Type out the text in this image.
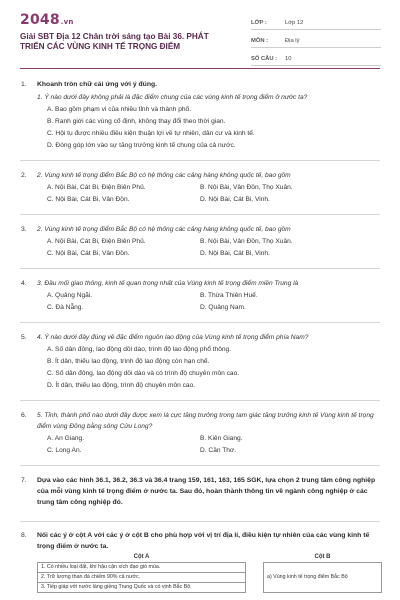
2048.vn
Giải SBT Địa 12 Chân trời sáng tạo Bài 36. PHÁT TRIỂN CÁC VÙNG KINH TẾ TRỌNG ĐIỂM
LỚP :	Lớp 12
MÔN :	Địa lý
SỐ CÂU :	10
1. Khoanh tròn chữ cái ứng với ý đúng.
1. Ý nào dưới đây không phải là đặc điểm chung của các vùng kinh tế trọng điểm ở nước ta?
A. Bao gồm phạm vi của nhiều tỉnh và thành phố.
B. Ranh giới các vùng cố định, không thay đổi theo thời gian.
C. Hội tụ được nhiều điều kiện thuận lợi về tự nhiên, dân cư và kinh tế.
D. Đóng góp lớn vào sự tăng trưởng kinh tế chung của cả nước.
2. 2. Vùng kinh tế trọng điểm Bắc Bộ có hệ thống các cảng hàng không quốc tế, bao gồm
A. Nội Bài, Cát Bi, Điện Biên Phủ.	B. Nội Bài, Vân Đồn, Thọ Xuân.
C. Nội Bài, Cát Bi, Vân Đồn.	D. Nội Bài, Cát Bi, Vinh.
3. 2. Vùng kinh tế trọng điểm Bắc Bộ có hệ thống các cảng hàng không quốc tế, bao gồm
A. Nội Bài, Cát Bi, Điện Biên Phủ.	B. Nội Bài, Vân Đồn, Thọ Xuân.
C. Nội Bài, Cát Bi, Vân Đồn.	D. Nội Bài, Cát Bi, Vinh.
4. 3. Đầu mối giao thông, kinh tế quan trọng nhất của Vùng kinh tế trọng điểm miền Trung là
A. Quảng Ngãi.	B. Thừa Thiên Huế.
C. Đà Nẵng.	D. Quảng Nam.
5. 4. Ý nào dưới đây đúng về đặc điểm nguồn lao động của Vùng kinh tế trọng điểm phía Nam?
A. Số dân đông, lao động dồi dào, trình độ lao động phổ thông.
B. Ít dân, thiếu lao động, trình độ lao động còn hạn chế.
C. Số dân đông, lao động dồi dào và có trình độ chuyên môn cao.
D. Ít dân, thiếu lao động, trình độ chuyên môn cao.
6. 5. Tỉnh, thành phố nào dưới đây được xem là cực tăng trưởng trong tam giác tăng trưởng kinh tế Vùng kinh tế trọng điểm vùng Đồng bằng sông Cửu Long?
A. An Giang.	B. Kiên Giang.
C. Long An.	D. Cần Thơ.
7. Dựa vào các hình 36.1, 36.2, 36.3 và 36.4 trang 159, 161, 163, 165 SGK, lựa chọn 2 trung tâm công nghiệp của mỗi vùng kinh tế trọng điểm ở nước ta. Sau đó, hoàn thành thông tin về ngành công nghiệp ở các trung tâm công nghiệp đó.
8. Nối các ý ở cột A với các ý ở cột B cho phù hợp với vị trí địa lí, điều kiện tự nhiên của các vùng kinh tế trọng điểm ở nước ta.
Cột A		Cột B
1. Có nhiều loại đất, khí hậu cận xích đạo gió mùa.		a) Vùng kinh tế trọng điểm Bắc Bộ
2. Trữ lượng than đá chiếm 90% cả nước.		
3. Tiếp giáp với nước láng giềng Trung Quốc và có vịnh Bắc Bộ.		
